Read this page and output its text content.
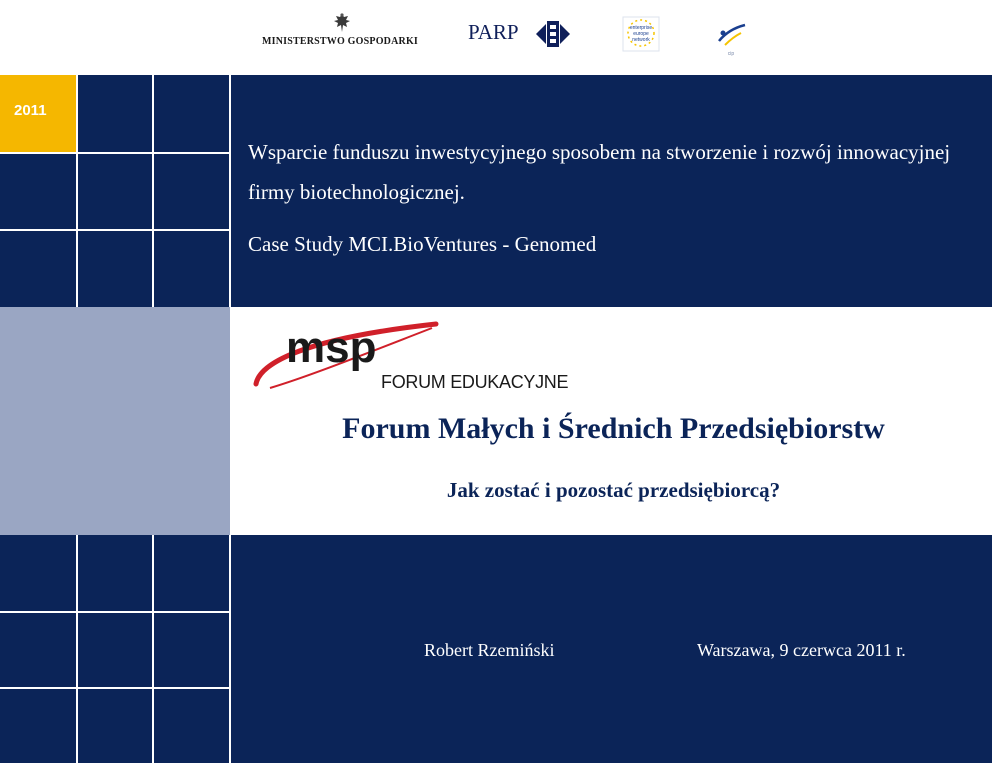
MINISTERSTWO GOSPODARKI PARP	enterprise
europe
network
cip
2011
Wsparcie funduszu inwestycyjnego sposobem na stworzenie i rozwój innowacyjnej firmy biotechnologicznej.
Case Study MCI.BioVentures - Genomed
msp
FORUM EDUKACYJNE
Forum Małych i Średnich Przedsiębiorstw
Jak zostać i pozostać przedsiębiorcą?
Robert Rzemiński	Warszawa, 9 czerwca 2011 r.
